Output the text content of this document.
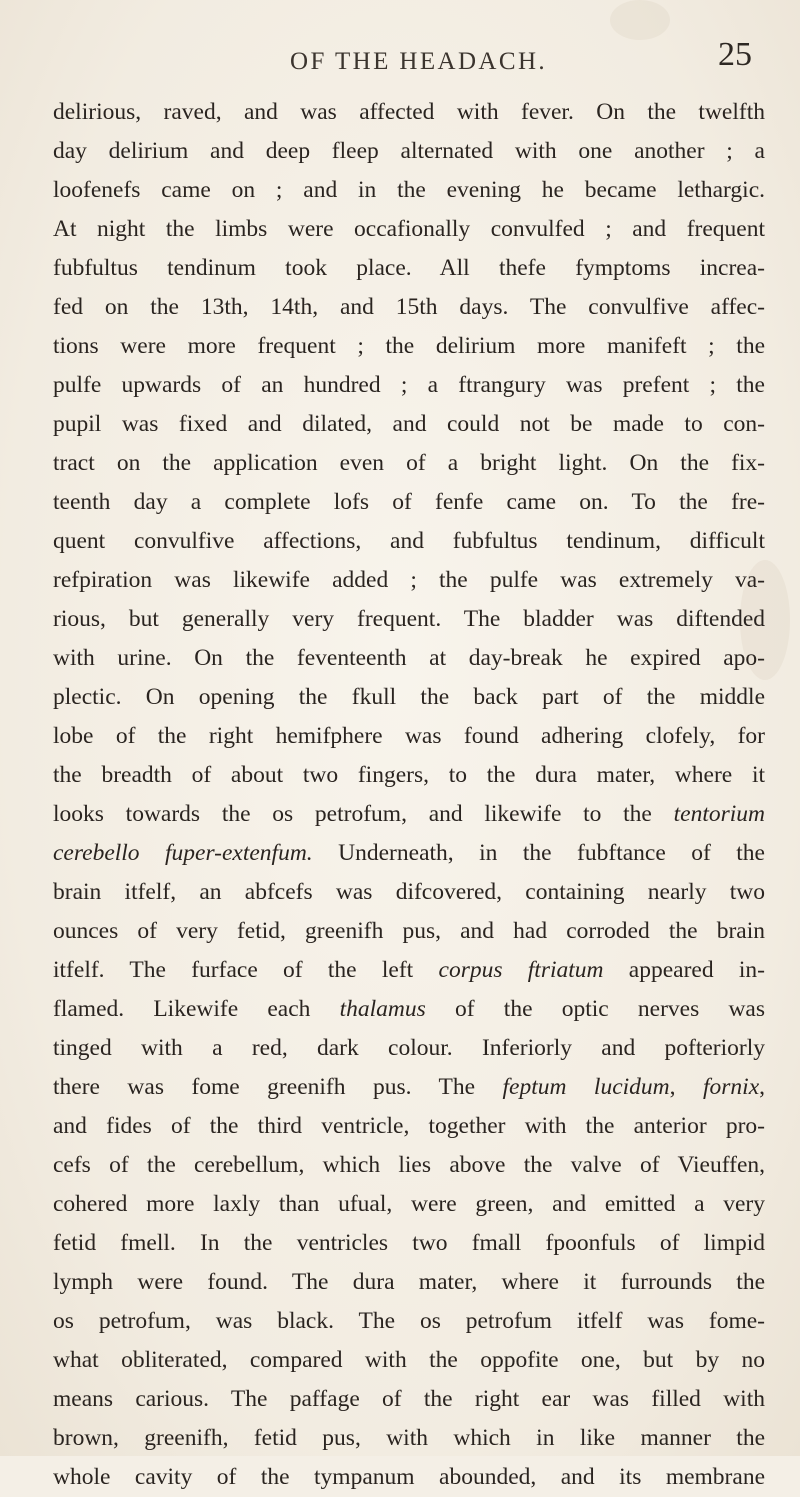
OF THE HEADACH.	25
delirious, raved, and was affected with fever. On the twelfth
day delirium and deep fleep alternated with one another ; a
loofenefs came on ; and in the evening he became lethargic.
At night the limbs were occafionally convulfed ; and frequent
fubfultus tendinum took place. All thefe fymptoms increa-
fed on the 13th, 14th, and 15th days. The convulfive affec-
tions were more frequent ; the delirium more manifeft ; the
pulfe upwards of an hundred ; a ftrangury was prefent ; the
pupil was fixed and dilated, and could not be made to con-
tract on the application even of a bright light. On the fix-
teenth day a complete lofs of fenfe came on. To the fre-
quent convulfive affections, and fubfultus tendinum, difficult
refpiration was likewife added ; the pulfe was extremely va-
rious, but generally very frequent. The bladder was diftended
with urine. On the feventeenth at day-break he expired apo-
plectic. On opening the fkull the back part of the middle
lobe of the right hemifphere was found adhering clofely, for
the breadth of about two fingers, to the dura mater, where it
looks towards the os petrofum, and likewife to the tentorium
cerebello fuper-extenfum. Underneath, in the fubftance of the
brain itfelf, an abfcefs was difcovered, containing nearly two
ounces of very fetid, greenifh pus, and had corroded the brain
itfelf. The furface of the left corpus ftriatum appeared in-
flamed. Likewife each thalamus of the optic nerves was
tinged with a red, dark colour. Inferiorly and pofteriorly
there was fome greenifh pus. The feptum lucidum, fornix,
and fides of the third ventricle, together with the anterior pro-
cefs of the cerebellum, which lies above the valve of Vieuffen,
cohered more laxly than ufual, were green, and emitted a very
fetid fmell. In the ventricles two fmall fpoonfuls of limpid
lymph were found. The dura mater, where it furrounds the
os petrofum, was black. The os petrofum itfelf was fome-
what obliterated, compared with the oppofite one, but by no
means carious. The paffage of the right ear was filled with
brown, greenifh, fetid pus, with which in like manner the
whole cavity of the tympanum abounded, and its membrane
